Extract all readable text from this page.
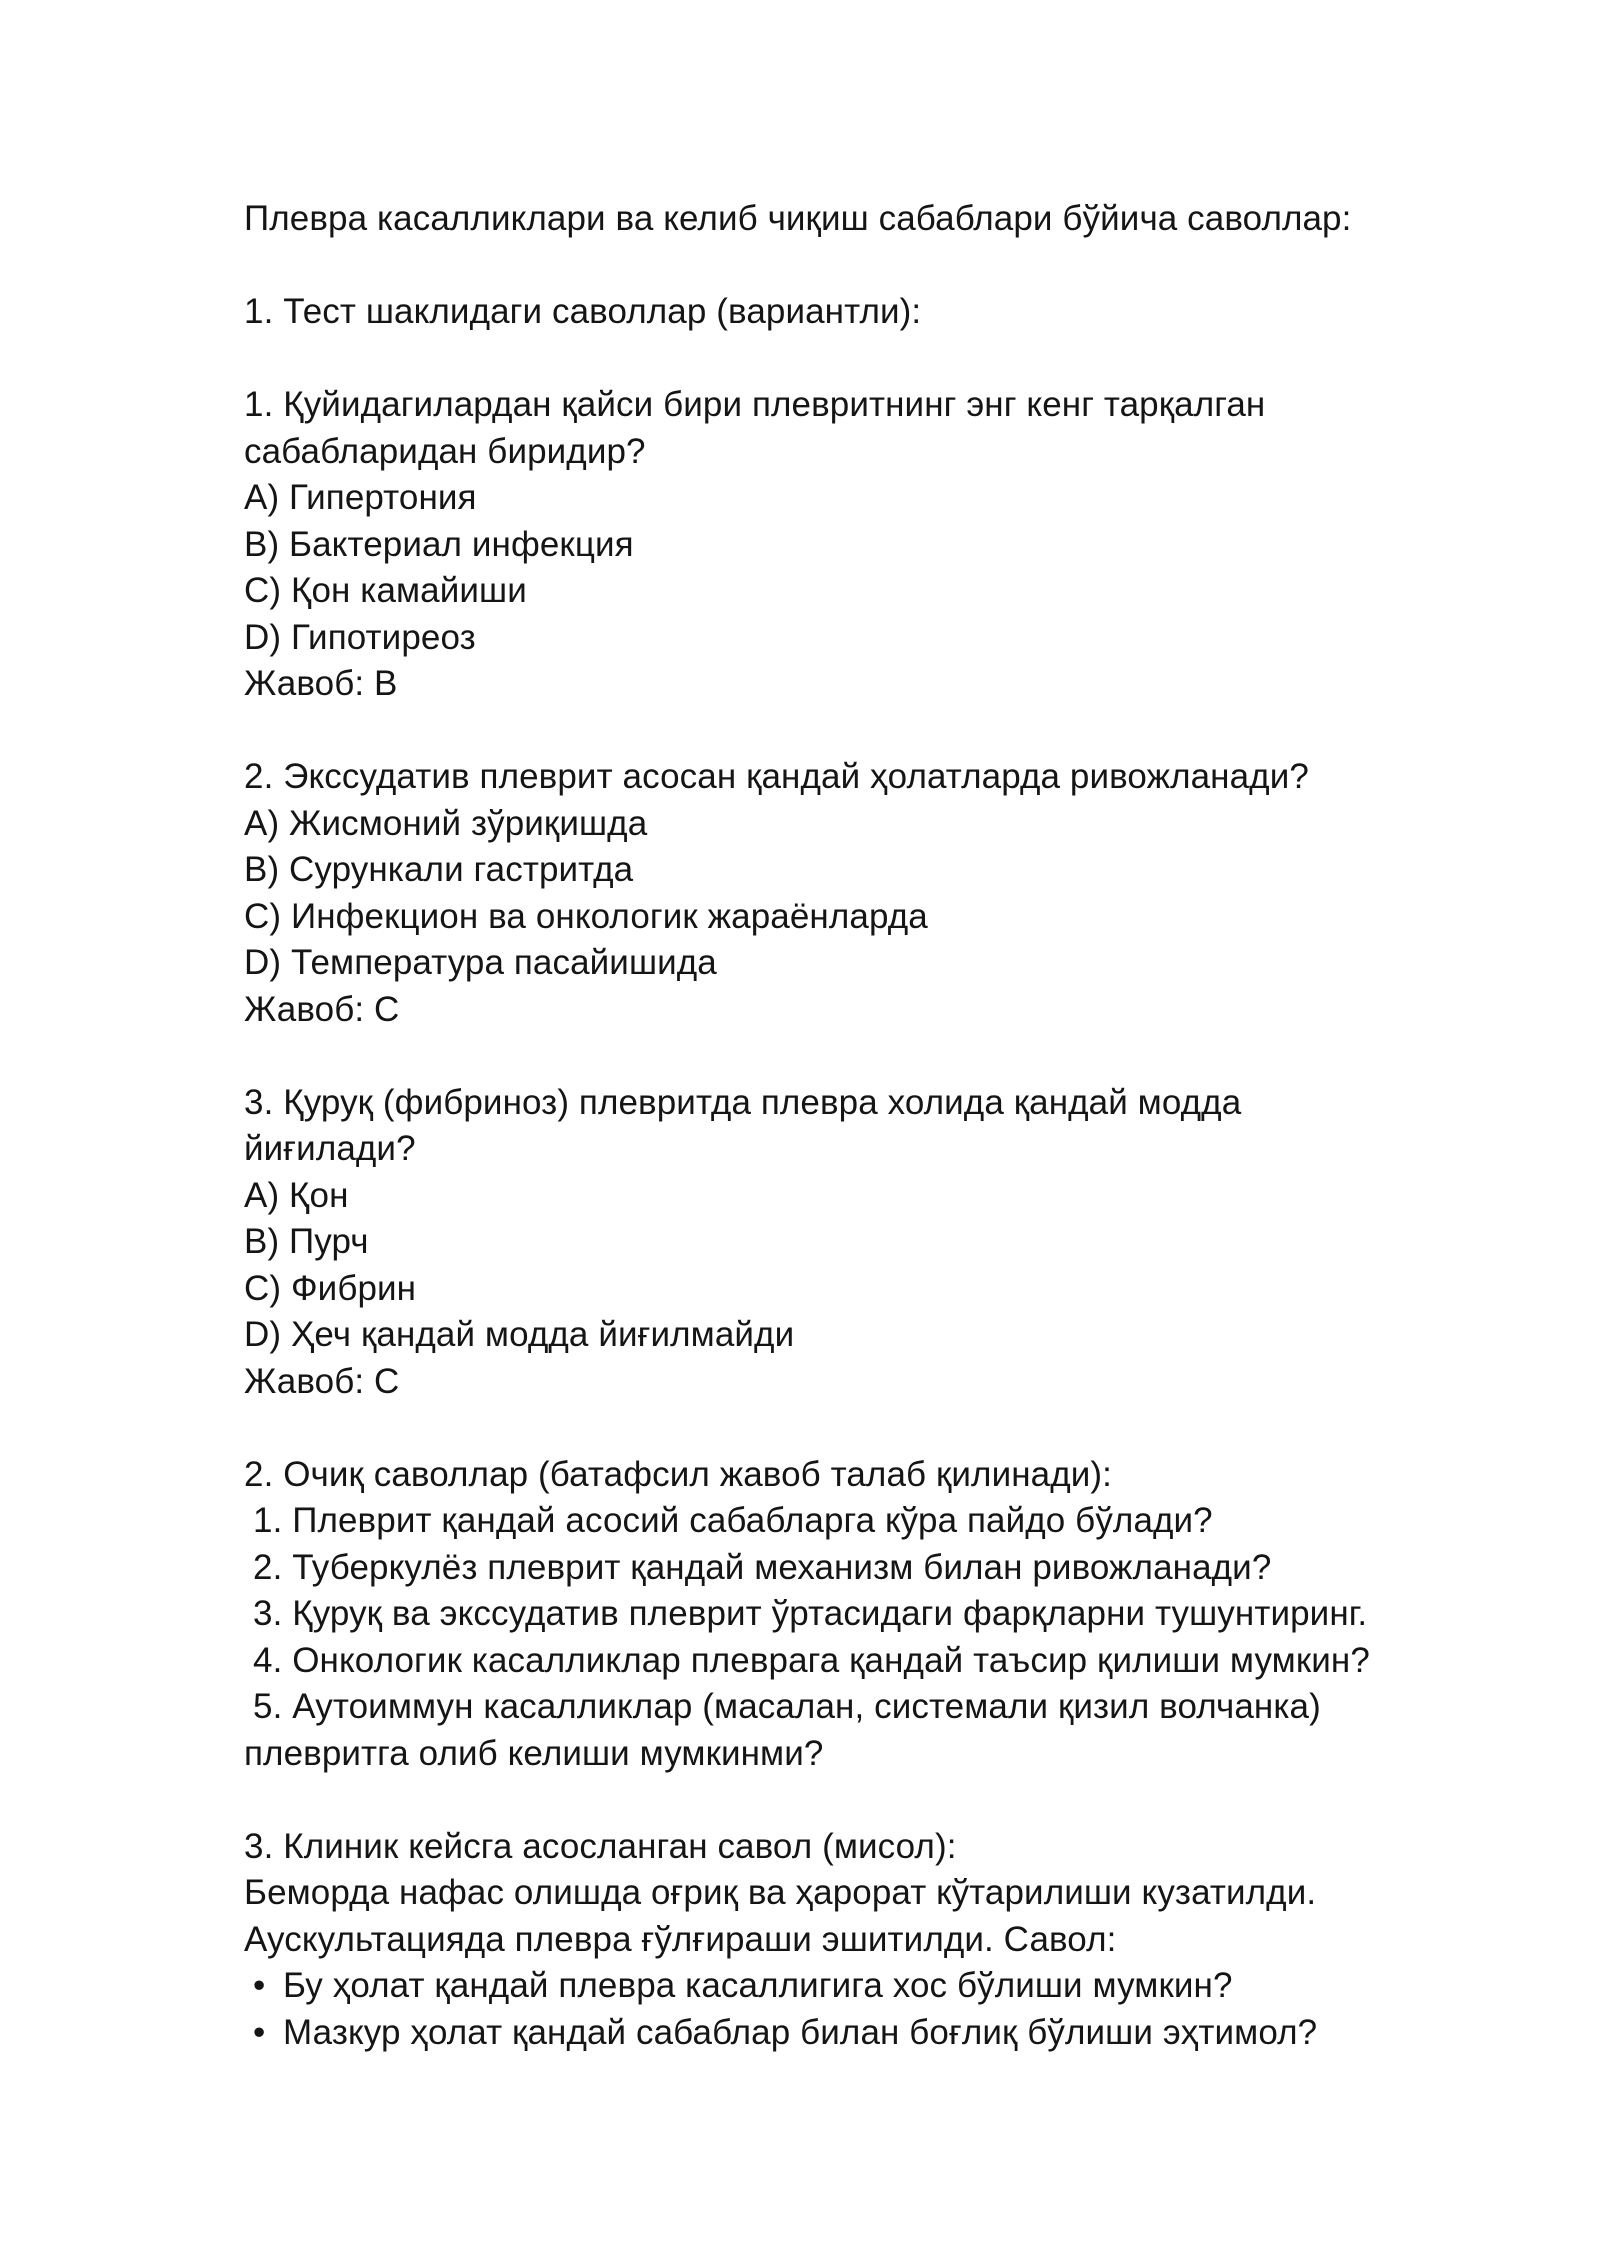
Плевра касалликлари ва келиб чиқиш сабаблари бўйича саволлар:
1. Тест шаклидаги саволлар (вариантли):
1. Қуйидагилардан қайси бири плевритнинг энг кенг тарқалган
сабабларидан биридир?
A) Гипертония
B) Бактериал инфекция
C) Қон камайиши
D) Гипотиреоз
Жавоб: B
2. Экссудатив плеврит асосан қандай ҳолатларда ривожланади?
A) Жисмоний зўриқишда
B) Сурункали гастритда
C) Инфекцион ва онкологик жараёнларда
D) Температура пасайишида
Жавоб: C
3. Қуруқ (фибриноз) плевритда плевра холида қандай модда
йиғилади?
A) Қон
B) Пурч
C) Фибрин
D) Ҳеч қандай модда йиғилмайди
Жавоб: C
2. Очиқ саволлар (батафсил жавоб талаб қилинади):
1. Плеврит қандай асосий сабабларга кўра пайдо бўлади?
2. Туберкулёз плеврит қандай механизм билан ривожланади?
3. Қуруқ ва экссудатив плеврит ўртасидаги фарқларни тушунтиринг.
4. Онкологик касалликлар плеврага қандай таъсир қилиши мумкин?
5. Аутоиммун касалликлар (масалан, системали қизил волчанка)
плевритга олиб келиши мумкинми?
3. Клиник кейсга асосланган савол (мисол):
Беморда нафас олишда оғриқ ва ҳарорат кўтарилиши кузатилди.
Аускультацияда плевра ғўлғираши эшитилди. Савол:
• Бу ҳолат қандай плевра касаллигига хос бўлиши мумкин?
• Мазкур ҳолат қандай сабаблар билан боғлиқ бўлиши эҳтимол?
